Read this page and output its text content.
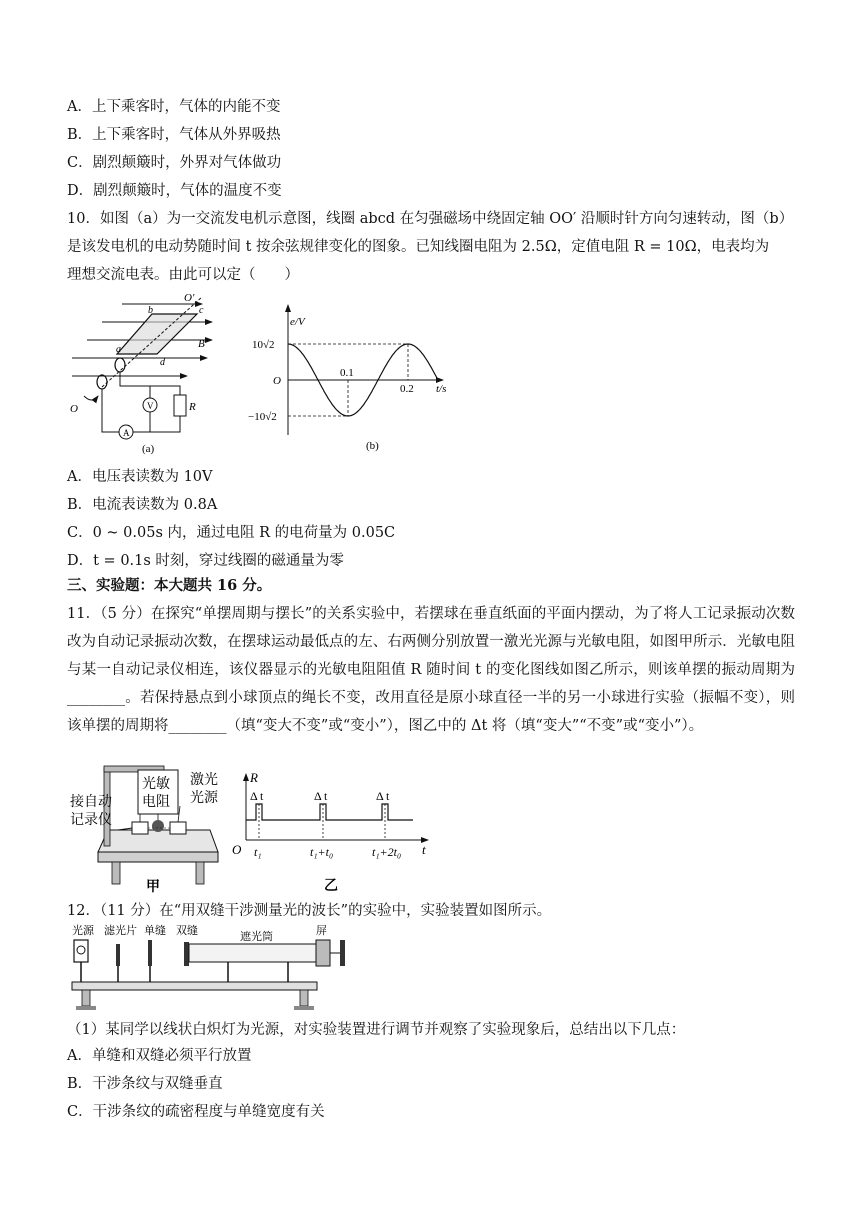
A．上下乘客时，气体的内能不变
B．上下乘客时，气体从外界吸热
C．剧烈颠簸时，外界对气体做功
D．剧烈颠簸时，气体的温度不变
10．如图（a）为一交流发电机示意图，线圈 abcd 在匀强磁场中绕固定轴 OO′ 沿顺时针方向匀速转动，图（b）
是该发电机的电动势随时间 t 按余弦规律变化的图象。已知线圈电阻为 2.5Ω，定值电阻 R = 10Ω，电表均为
理想交流电表。由此可以定（　　）
O′
O
B
a
b	c
d
V
A
R
(a)
e/V
t/s
O
10√2
−10√2
0.1
0.2
(b)
A．电压表读数为 10V
B．电流表读数为 0.8A
C．0 ~ 0.05s 内，通过电阻 R 的电荷量为 0.05C
D．t = 0.1s 时刻，穿过线圈的磁通量为零
三、实验题：本大题共 16 分。
11．（5 分）在探究“单摆周期与摆长”的关系实验中，若摆球在垂直纸面的平面内摆动，为了将人工记录振动次数改为自动记录振动次数，在摆球运动最低点的左、右两侧分别放置一激光光源与光敏电阻，如图甲所示．光敏电阻与某一自动记录仪相连，该仪器显示的光敏电阻阻值 R 随时间 t 的变化图线如图乙所示，则该单摆的振动周期为________。若保持悬点到小球顶点的绳长不变，改用直径是原小球直径一半的另一小球进行实验（振幅不变），则该单摆的周期将________（填“变大不变”或“变小”），图乙中的 Δt 将（填“变大”“不变”或“变小”）。
接自动
记录仪
光敏
电阻
激光
光源
甲
R
t
O
Δ t	Δ t	Δ t
t₁	t₁+t₀	t₁+2t₀
乙
12．（11 分）在“用双缝干涉测量光的波长”的实验中，实验装置如图所示。
光源 滤光片 单缝 双缝	遮光筒	屏
（1）某同学以线状白炽灯为光源，对实验装置进行调节并观察了实验现象后，总结出以下几点：
A．单缝和双缝必须平行放置
B．干涉条纹与双缝垂直
C．干涉条纹的疏密程度与单缝宽度有关
